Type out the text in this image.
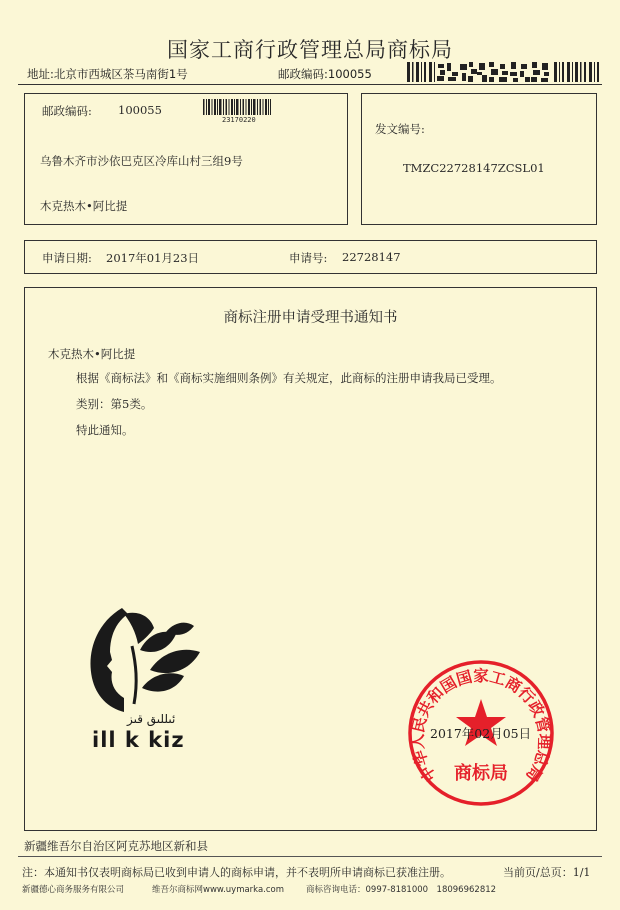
国家工商行政管理总局商标局
地址:北京市西城区茶马南街1号	邮政编码:100055
邮政编码: 100055
23170220
乌鲁木齐市沙依巴克区冷库山村三组9号
木克热木•阿比提
发文编号:
TMZC22728147ZCSL01
申请日期: 2017年01月23日	申请号: 22728147
商标注册申请受理书通知书
木克热木•阿比提
根据《商标法》和《商标实施细则条例》有关规定，此商标的注册申请我局已受理。
类别：第5类。
特此通知。
ئىللىق قىز
ill k kiz
中华人民共和国国家工商行政管理总局
商标局
2017年02月05日
新疆维吾尔自治区阿克苏地区新和县
注：本通知书仅表明商标局已收到申请人的商标申请，并不表明所申请商标已获准注册。	当前页/总页：1/1
新疆德心商务服务有限公司	维吾尔商标网www.uymarka.com	商标咨询电话：0997-8181000　18096962812
